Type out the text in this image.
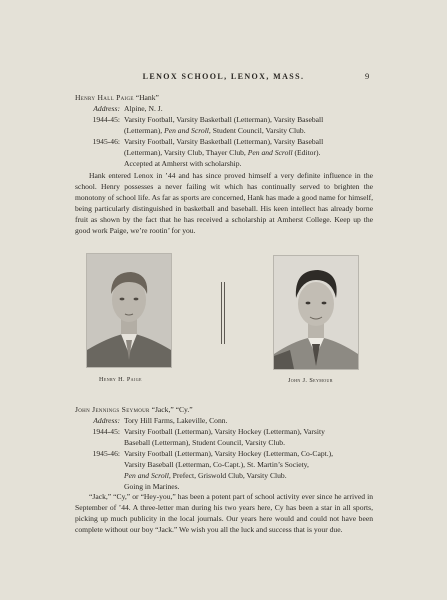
LENOX SCHOOL, LENOX, MASS.	9
Henry Hall Paige “Hank”
Address: Alpine, N. J.
1944-45: Varsity Football, Varsity Basketball (Letterman), Varsity Baseball
(Letterman), Pen and Scroll, Student Council, Varsity Club.
1945-46: Varsity Football, Varsity Basketball (Letterman), Varsity Baseball
(Letterman), Varsity Club, Thayer Club, Pen and Scroll (Editor).
Accepted at Amherst with scholarship.
Hank entered Lenox in ’44 and has since proved himself a very definite influence in the school. Henry possesses a never failing wit which has continually served to brighten the monotony of school life. As far as sports are concerned, Hank has made a good name for himself, being particularly distinguished in basketball and baseball. His keen intellect has already borne fruit as shown by the fact that he has received a scholarship at Amherst College. Keep up the good work Paige, we’re rootin’ for you.
Henry H. Paige	John J. Seymour
John Jennings Seymour “Jack,” “Cy.”
Address: Tory Hill Farms, Lakeville, Conn.
1944-45: Varsity Football (Letterman), Varsity Hockey (Letterman), Varsity
Baseball (Letterman), Student Council, Varsity Club.
1945-46: Varsity Football (Letterman), Varsity Hockey (Letterman, Co-Capt.),
Varsity Baseball (Letterman, Co-Capt.), St. Martin’s Society,
Pen and Scroll, Prefect, Griswold Club, Varsity Club.
Going in Marines.
“Jack,” “Cy,” or “Hey-you,” has been a potent part of school activity ever since he arrived in September of ’44. A three-letter man during his two years here, Cy has been a star in all sports, picking up much publicity in the local journals. Our years here would and could not have been complete without our boy “Jack.” We wish you all the luck and success that is your due.
